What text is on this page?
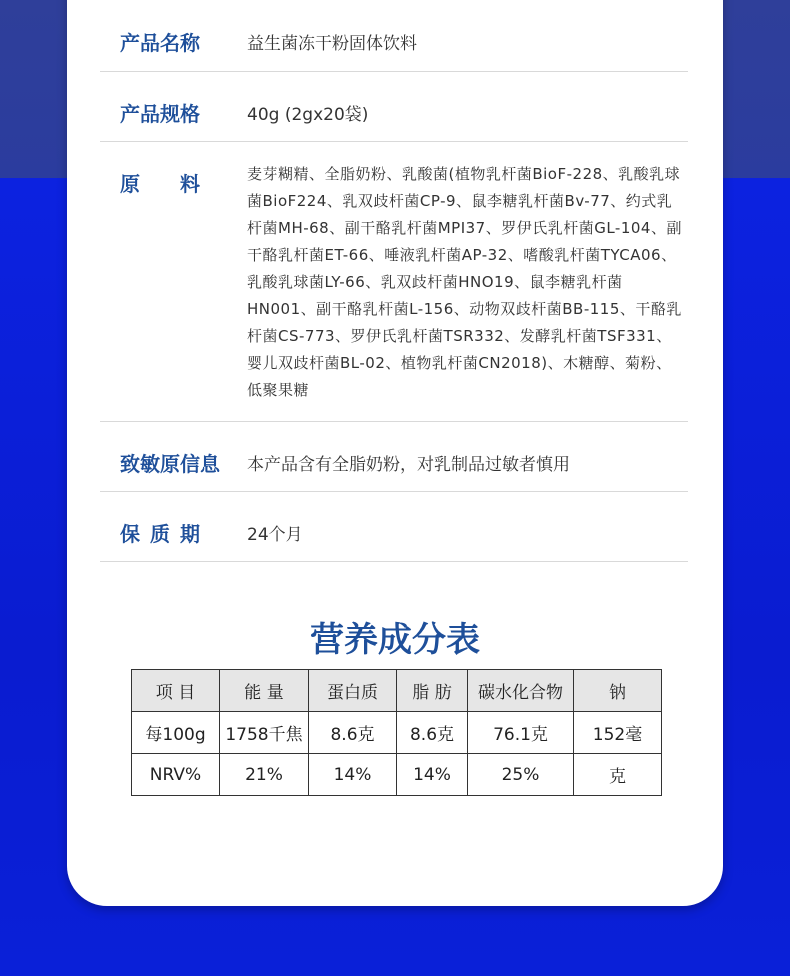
产品名称	益生菌冻干粉固体饮料
产品规格	40g (2gx20袋)
原　料	麦芽糊精、全脂奶粉、乳酸菌(植物乳杆菌BioF-228、乳酸乳球菌BioF224、乳双歧杆菌CP-9、鼠李糖乳杆菌Bv-77、约式乳杆菌MH-68、副干酪乳杆菌MPI37、罗伊氏乳杆菌GL-104、副干酪乳杆菌ET-66、唾液乳杆菌AP-32、嗜酸乳杆菌TYCA06、乳酸乳球菌LY-66、乳双歧杆菌HNO19、鼠李糖乳杆菌HN001、副干酪乳杆菌L-156、动物双歧杆菌BB-115、干酪乳杆菌CS-773、罗伊氏乳杆菌TSR332、发酵乳杆菌TSF331、婴儿双歧杆菌BL-02、植物乳杆菌CN2018)、木糖醇、菊粉、低聚果糖
致敏原信息	本产品含有全脂奶粉，对乳制品过敏者慎用
保质期	24个月
营养成分表
项 目	能 量	蛋白质	脂 肪	碳水化合物	钠
每100g	1758千焦	8.6克	8.6克	76.1克	152毫
NRV%	21%	14%	14%	25%	克
